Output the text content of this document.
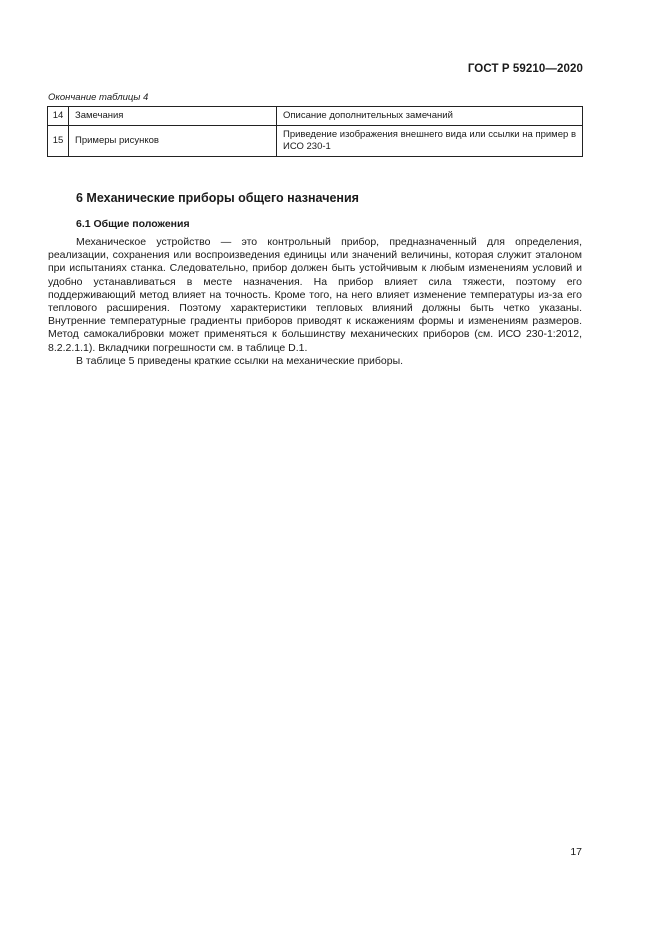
ГОСТ Р 59210—2020
Окончание таблицы 4
14	Замечания	Описание дополнительных замечаний
15	Примеры рисунков	Приведение изображения внешнего вида или ссылки на пример в ИСО 230-1
6 Механические приборы общего назначения
6.1 Общие положения

Механическое устройство — это контрольный прибор, предназначенный для определения, реализации, сохранения или воспроизведения единицы или значений величины, которая служит эталоном при испытаниях станка. Следовательно, прибор должен быть устойчивым к любым изменениям условий и удобно устанавливаться в месте назначения. На прибор влияет сила тяжести, поэтому его поддерживающий метод влияет на точность. Кроме того, на него влияет изменение температуры из-за его теплового расширения. Поэтому характеристики тепловых влияний должны быть четко указаны. Внутренние температурные градиенты приборов приводят к искажениям формы и изменениям размеров. Метод самокалибровки может применяться к большинству механических приборов (см. ИСО 230-1:2012, 8.2.2.1.1). Вкладчики погрешности см. в таблице D.1.

В таблице 5 приведены краткие ссылки на механические приборы.

17
